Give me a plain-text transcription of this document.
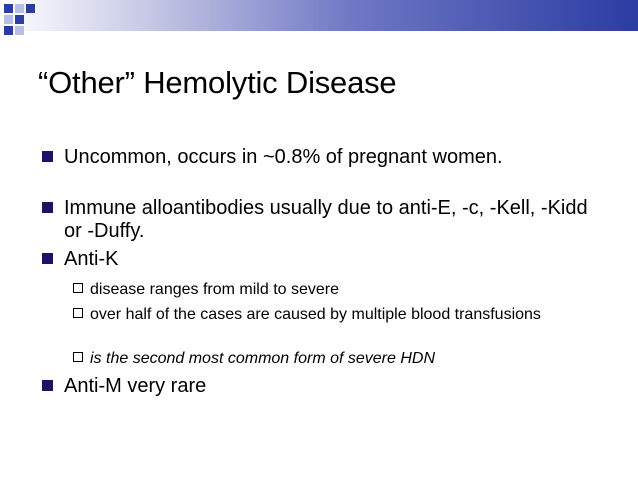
“Other” Hemolytic Disease
Uncommon, occurs in ~0.8% of pregnant women.
Immune alloantibodies usually due to anti-E, -c, -Kell, -Kidd or -Duffy.
Anti-K
disease ranges from mild to severe
over half of the cases are caused by multiple blood transfusions
is the second most common form of severe HDN
Anti-M very rare
